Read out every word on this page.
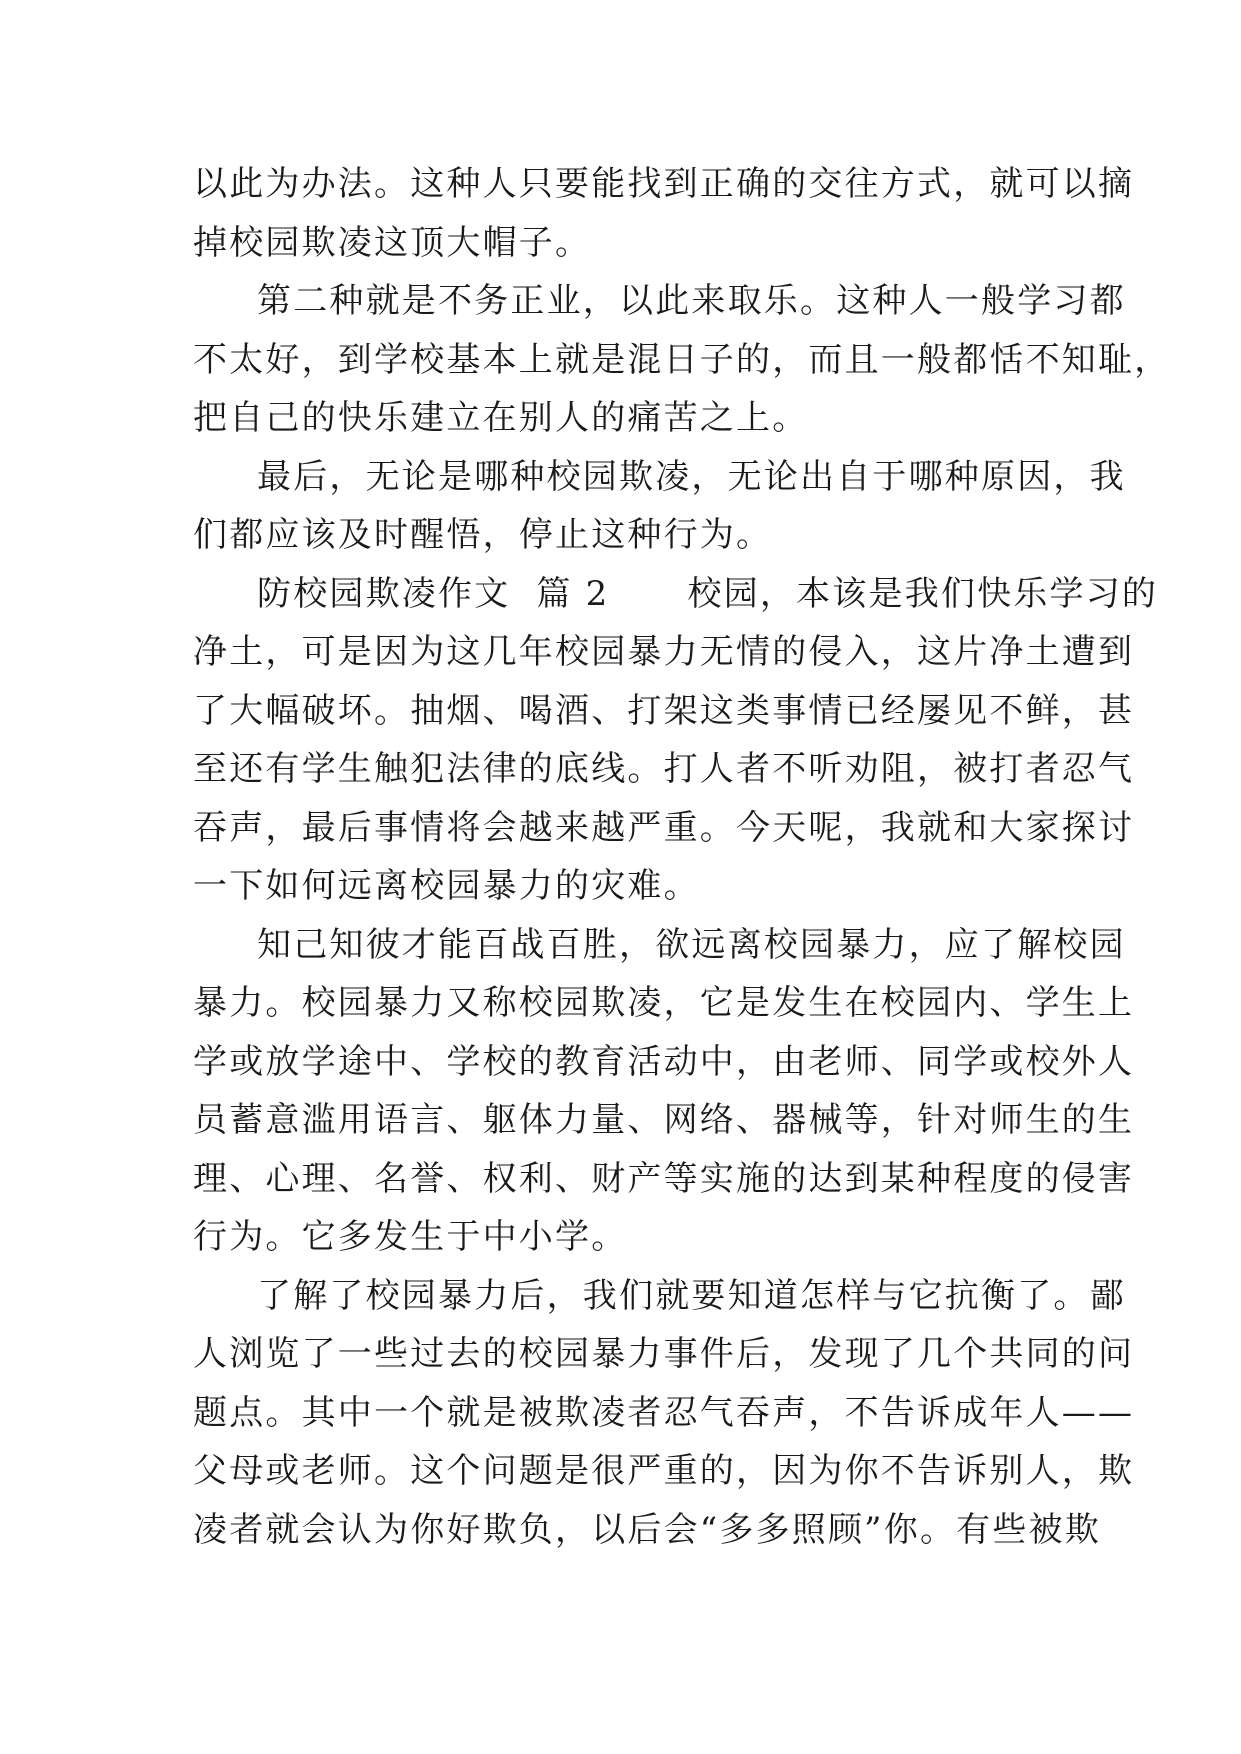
以此为办法。这种人只要能找到正确的交往方式，就可以摘
掉校园欺凌这顶大帽子。

第二种就是不务正业，以此来取乐。这种人一般学习都
不太好，到学校基本上就是混日子的，而且一般都恬不知耻，
把自己的快乐建立在别人的痛苦之上。

最后，无论是哪种校园欺凌，无论出自于哪种原因，我
们都应该及时醒悟，停止这种行为。

防校园欺凌作文  篇 2      校园，本该是我们快乐学习的
净土，可是因为这几年校园暴力无情的侵入，这片净土遭到
了大幅破坏。抽烟、喝酒、打架这类事情已经屡见不鲜，甚
至还有学生触犯法律的底线。打人者不听劝阻，被打者忍气
吞声，最后事情将会越来越严重。今天呢，我就和大家探讨
一下如何远离校园暴力的灾难。

知己知彼才能百战百胜，欲远离校园暴力，应了解校园
暴力。校园暴力又称校园欺凌，它是发生在校园内、学生上
学或放学途中、学校的教育活动中，由老师、同学或校外人
员蓄意滥用语言、躯体力量、网络、器械等，针对师生的生
理、心理、名誉、权利、财产等实施的达到某种程度的侵害
行为。它多发生于中小学。

了解了校园暴力后，我们就要知道怎样与它抗衡了。鄙
人浏览了一些过去的校园暴力事件后，发现了几个共同的问
题点。其中一个就是被欺凌者忍气吞声，不告诉成年人——
父母或老师。这个问题是很严重的，因为你不告诉别人，欺
凌者就会认为你好欺负，以后会“多多照顾”你。有些被欺
